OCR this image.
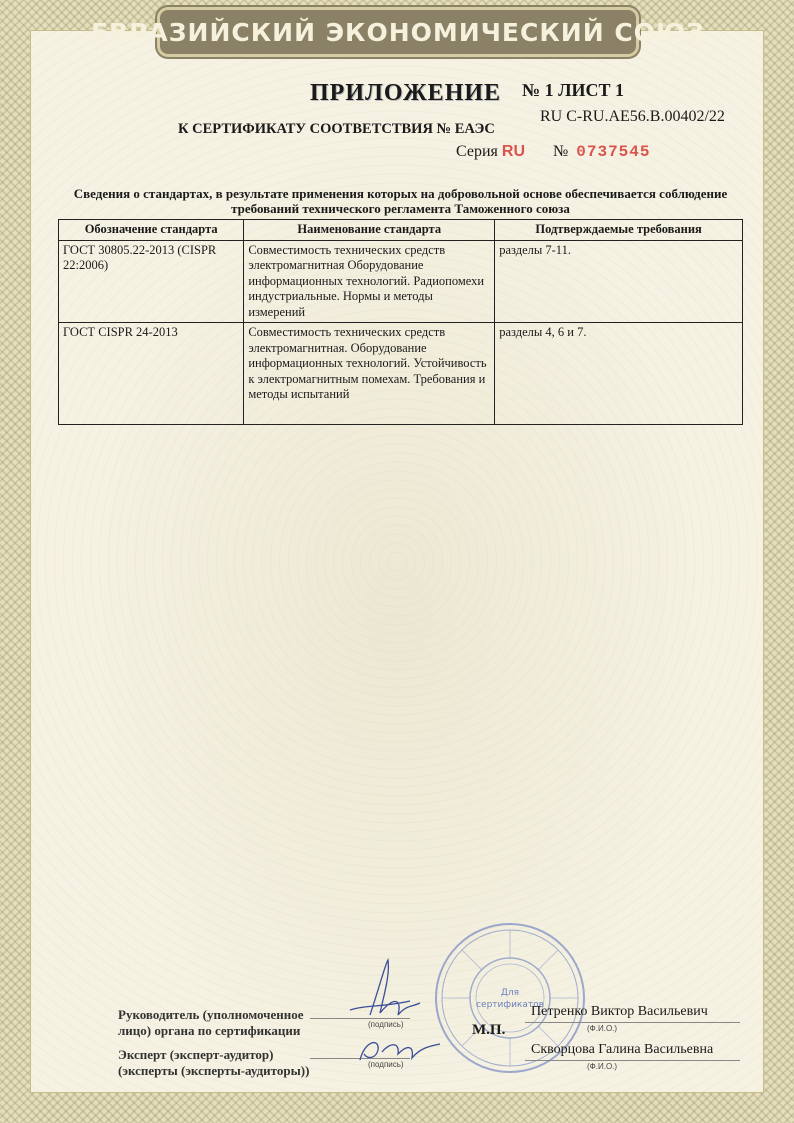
ЕВРАЗИЙСКИЙ ЭКОНОМИЧЕСКИЙ СОЮЗ
ПРИЛОЖЕНИЕ № 1 ЛИСТ 1
К СЕРТИФИКАТУ СООТВЕТСТВИЯ № ЕАЭС
RU C-RU.AE56.B.00402/22
Серия RU № 0737545
Сведения о стандартах, в результате применения которых на добровольной основе обеспечивается соблюдение
требований технического регламента Таможенного союза
Обозначение стандарта	Наименование стандарта	Подтверждаемые требования
ГОСТ 30805.22-2013 (CISPR 22:2006)	Совместимость технических средств электромагнитная Оборудование информационных технологий. Радиопомехи индустриальные. Нормы и методы измерений	разделы 7-11.
ГОСТ CISPR 24-2013	Совместимость технических средств электромагнитная. Оборудование информационных технологий. Устойчивость к электромагнитным помехам. Требования и методы испытаний	разделы 4, 6 и 7.
Для
сертификатов
Руководитель (уполномоченное
лицо) органа по сертификации	(подпись)	М.П.
Петренко Виктор Васильевич
(Ф.И.О.)
Эксперт (эксперт-аудитор)
(эксперты (эксперты-аудиторы))	(подпись)
Скворцова Галина Васильевна
(Ф.И.О.)
